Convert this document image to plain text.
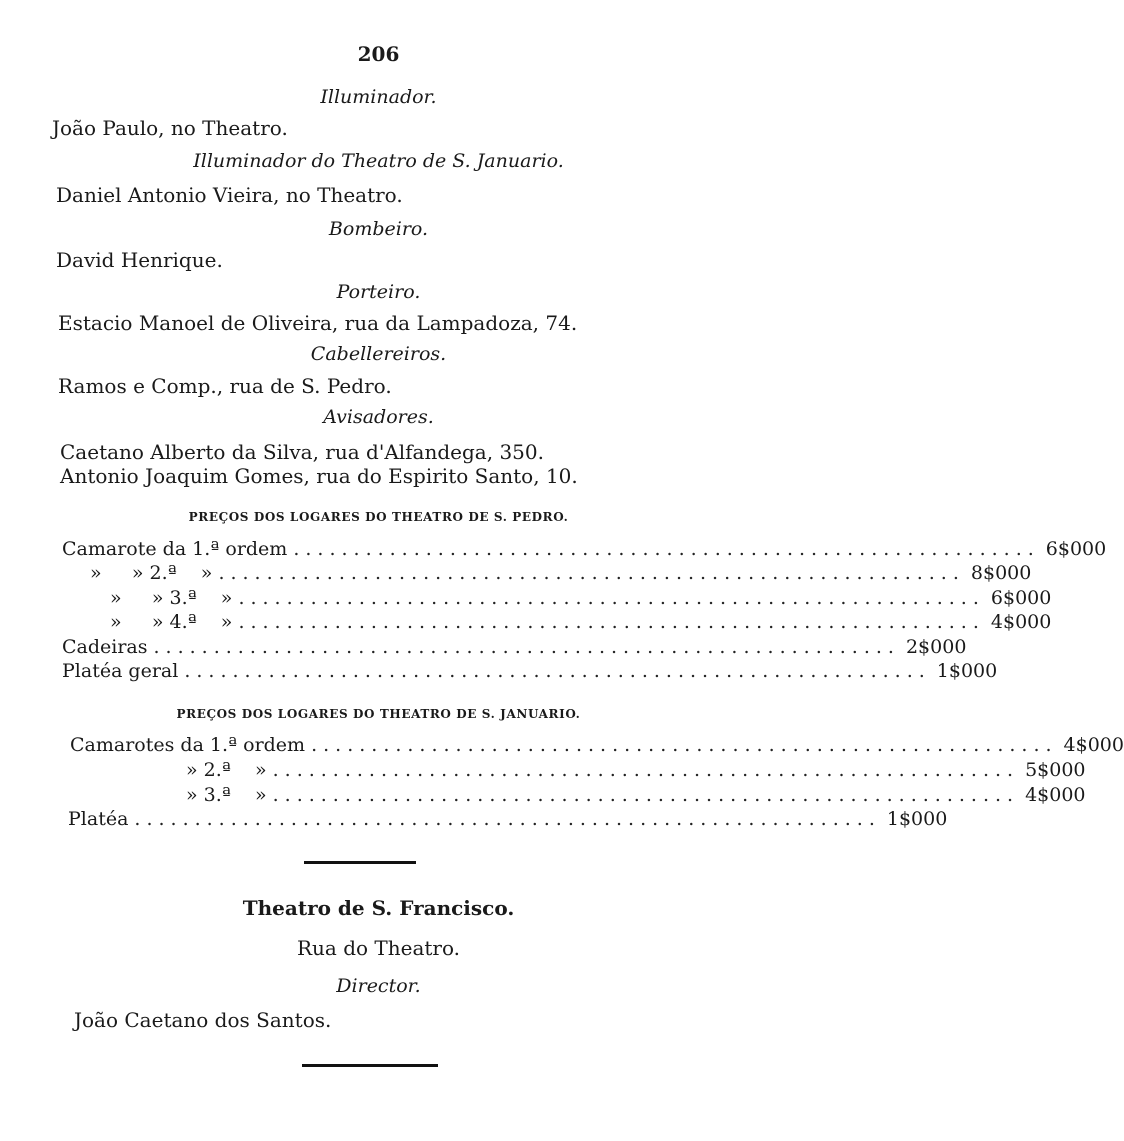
206
Illuminador.
João Paulo, no Theatro.
Illuminador do Theatro de S. Januario.
Daniel Antonio Vieira, no Theatro.
Bombeiro.
David Henrique.
Porteiro.
Estacio Manoel de Oliveira, rua da Lampadoza, 74.
Cabellereiros.
Ramos e Comp., rua de S. Pedro.
Avisadores.
Caetano Alberto da Silva, rua d'Alfandega, 350.
Antonio Joaquim Gomes, rua do Espirito Santo, 10.
PREÇOS DOS LOGARES DO THEATRO DE S. PEDRO.
Camarote da 1.ª ordem .............................................................. 6$000
»     » 2.ª    » .............................................................. 8$000
»     » 3.ª    » .............................................................. 6$000
»     » 4.ª    » .............................................................. 4$000
Cadeiras .............................................................. 2$000
Platéa geral .............................................................. 1$000
PREÇOS DOS LOGARES DO THEATRO DE S. JANUARIO.
Camarotes da 1.ª ordem .............................................................. 4$000
» 2.ª    » .............................................................. 5$000
» 3.ª    » .............................................................. 4$000
Platéa .............................................................. 1$000
Theatro de S. Francisco.
Rua do Theatro.
Director.
João Caetano dos Santos.
